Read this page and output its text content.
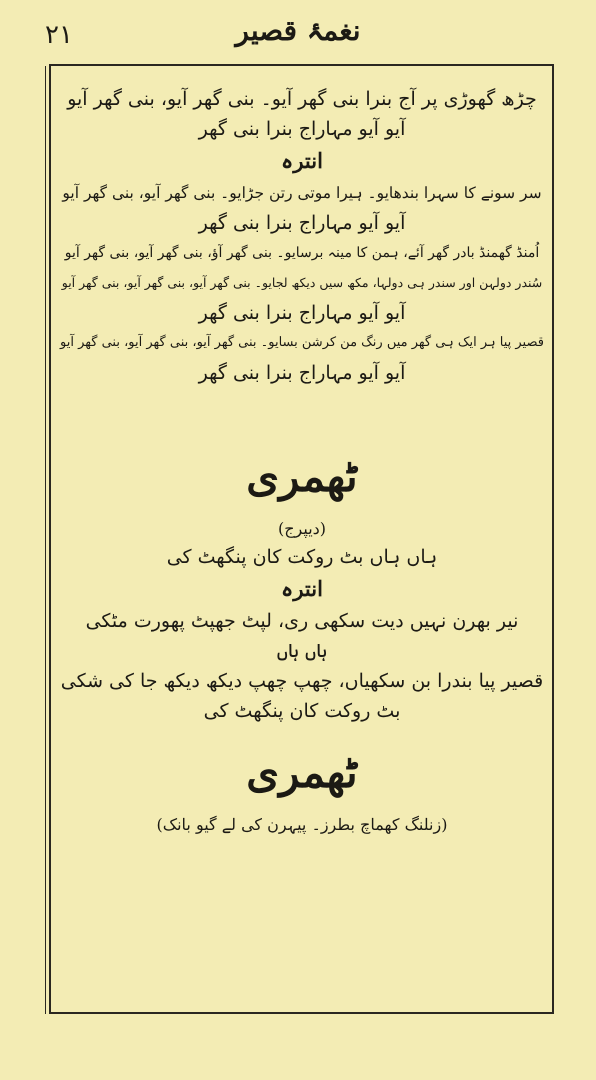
۲۱	نغمۂ قصیر
چڑھ گھوڑی پر آج بنرا بنی گھر آیو۔ بنی گھر آیو، بنی گھر آیو
آیو آیو مہاراج بنرا بنی گھر
انترہ
سر سونے کا سہرا بندھایو۔ ہیرا موتی رتن جڑایو۔ بنی گھر آیو، بنی گھر آیو
آیو آیو مہاراج بنرا بنی گھر
اُمنڈ گھمنڈ بادر گھر آئے، ہمن کا مینہ برسایو۔ بنی گھر آؤ، بنی گھر آیو، بنی گھر آیو
سُندر دولہن اور سندر ہی دولہا، مکھ سیں دیکھ لجایو۔ بنی گھر آیو، بنی گھر آیو، بنی گھر آیو
آیو آیو مہاراج بنرا بنی گھر
قصیر پیا ہر ایک ہی گھر میں رنگ من کرشن بسایو۔ بنی گھر آیو، بنی گھر آیو، بنی گھر آیو
آیو آیو مہاراج بنرا بنی گھر
ٹھمری
(دیپرج)
ہاں ہاں بٹ روکت کان پنگھٹ کی
انترہ
نیر بھرن نہیں دیت سکھی ری، لپٹ جھپٹ پھورت مٹکی
ہاں ہاں
قصیر پیا بندرا بن سکھیاں، چھپ چھپ دیکھ دیکھ جا کی شکی
بٹ روکت کان پنگھٹ کی
ٹھمری
(زنلنگ کھماچ بطرز۔ پیہرن کی لے گیو بانک)
